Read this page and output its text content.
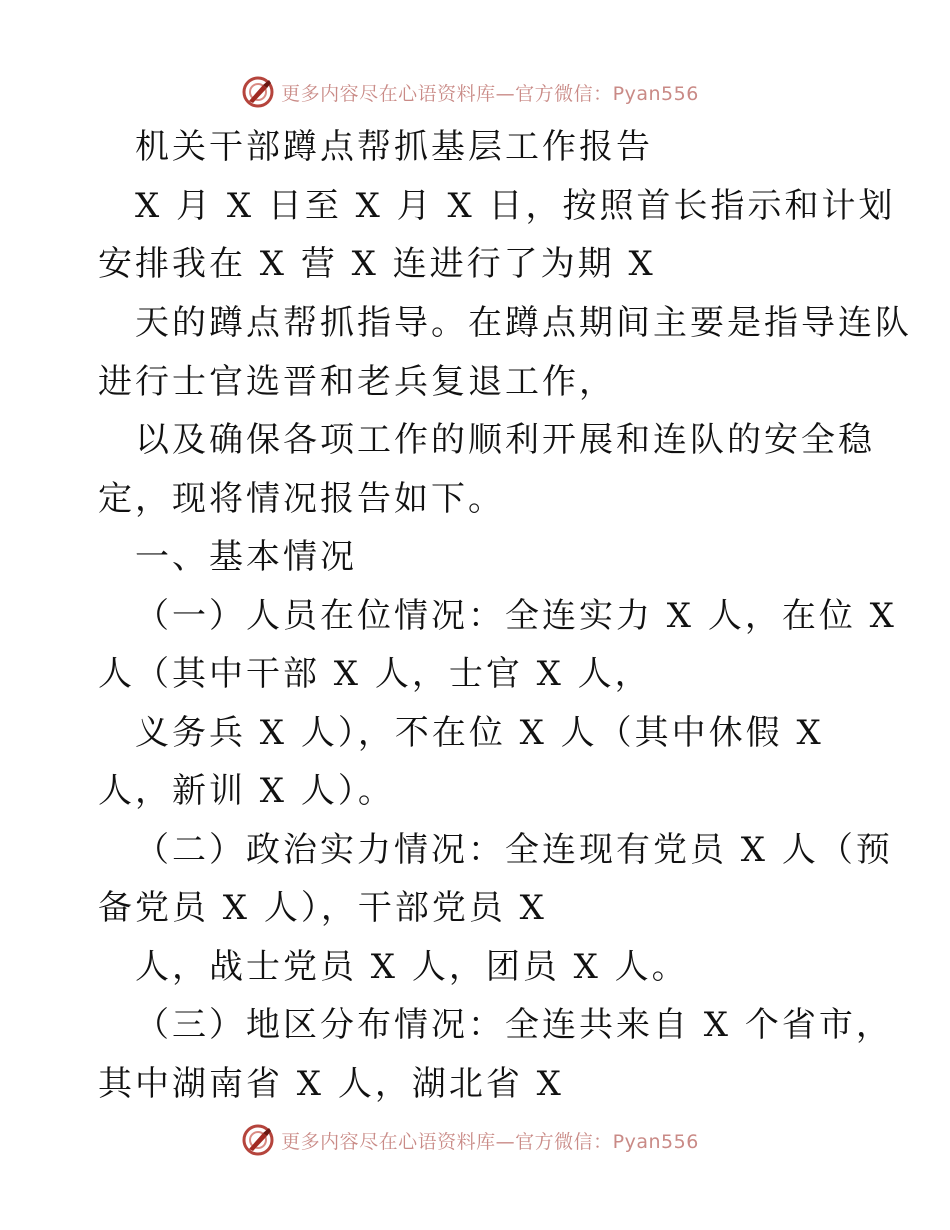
更多内容尽在心语资料库—官方微信：Pyan556
机关干部蹲点帮抓基层工作报告
X 月 X 日至 X 月 X 日，按照首长指示和计划
安排我在 X 营 X 连进行了为期 X
天的蹲点帮抓指导。在蹲点期间主要是指导连队
进行士官选晋和老兵复退工作，
以及确保各项工作的顺利开展和连队的安全稳
定，现将情况报告如下。
一、基本情况
（一）人员在位情况：全连实力 X 人，在位 X
人（其中干部 X 人，士官 X 人，
义务兵 X 人），不在位 X 人（其中休假 X
人，新训 X 人）。
（二）政治实力情况：全连现有党员 X 人（预
备党员 X 人），干部党员 X
人，战士党员 X 人，团员 X 人。
（三）地区分布情况：全连共来自 X 个省市，
其中湖南省 X 人，湖北省 X
更多内容尽在心语资料库—官方微信：Pyan556
